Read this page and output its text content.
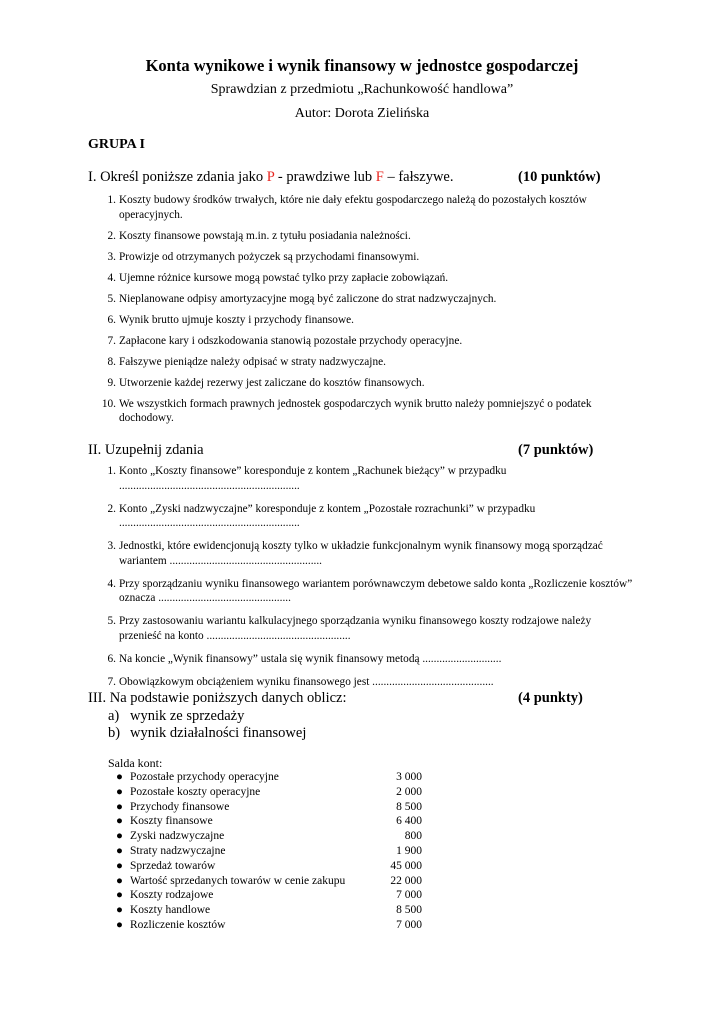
Konta wynikowe i wynik finansowy w jednostce gospodarczej
Sprawdzian z przedmiotu „Rachunkowość handlowa”
Autor: Dorota Zielińska
GRUPA I
I. Określ poniższe zdania jako P - prawdziwe lub F – fałszywe.	(10 punktów)
1. Koszty budowy środków trwałych, które nie dały efektu gospodarczego należą do pozostałych kosztów operacyjnych.
2. Koszty finansowe powstają m.in. z tytułu posiadania należności.
3. Prowizje od otrzymanych pożyczek są przychodami finansowymi.
4. Ujemne różnice kursowe mogą powstać tylko przy zapłacie zobowiązań.
5. Nieplanowane odpisy amortyzacyjne mogą być zaliczone do strat nadzwyczajnych.
6. Wynik brutto ujmuje koszty i przychody finansowe.
7. Zapłacone kary i odszkodowania stanowią pozostałe przychody operacyjne.
8. Fałszywe pieniądze należy odpisać w straty nadzwyczajne.
9. Utworzenie każdej rezerwy jest zaliczane do kosztów finansowych.
10. We wszystkich formach prawnych jednostek gospodarczych wynik brutto należy pomniejszyć o podatek dochodowy.
II. Uzupełnij zdania	(7 punktów)
1. Konto „Koszty finansowe” koresponduje z kontem „Rachunek bieżący” w przypadku ................................................................
2. Konto „Zyski nadzwyczajne” koresponduje z kontem „Pozostałe rozrachunki” w przypadku ................................................................
3. Jednostki, które ewidencjonują koszty tylko w układzie funkcjonalnym wynik finansowy mogą sporządzać wariantem ......................................................
4. Przy sporządzaniu wyniku finansowego wariantem porównawczym debetowe saldo konta „Rozliczenie kosztów” oznacza ...............................................
5. Przy zastosowaniu wariantu kalkulacyjnego sporządzania wyniku finansowego koszty rodzajowe należy przenieść na konto ...................................................
6. Na koncie „Wynik finansowy” ustala się wynik finansowy metodą ............................
7. Obowiązkowym obciążeniem wyniku finansowego jest ...........................................
III. Na podstawie poniższych danych oblicz:	(4 punkty)
a) wynik ze sprzedaży
b) wynik działalności finansowej
Salda kont:
● Pozostałe przychody operacyjne	3 000
● Pozostałe koszty operacyjne	2 000
● Przychody finansowe	8 500
● Koszty finansowe	6 400
● Zyski nadzwyczajne	800
● Straty nadzwyczajne	1 900
● Sprzedaż towarów	45 000
● Wartość sprzedanych towarów w cenie zakupu	22 000
● Koszty rodzajowe	7 000
● Koszty handlowe	8 500
● Rozliczenie kosztów	7 000
